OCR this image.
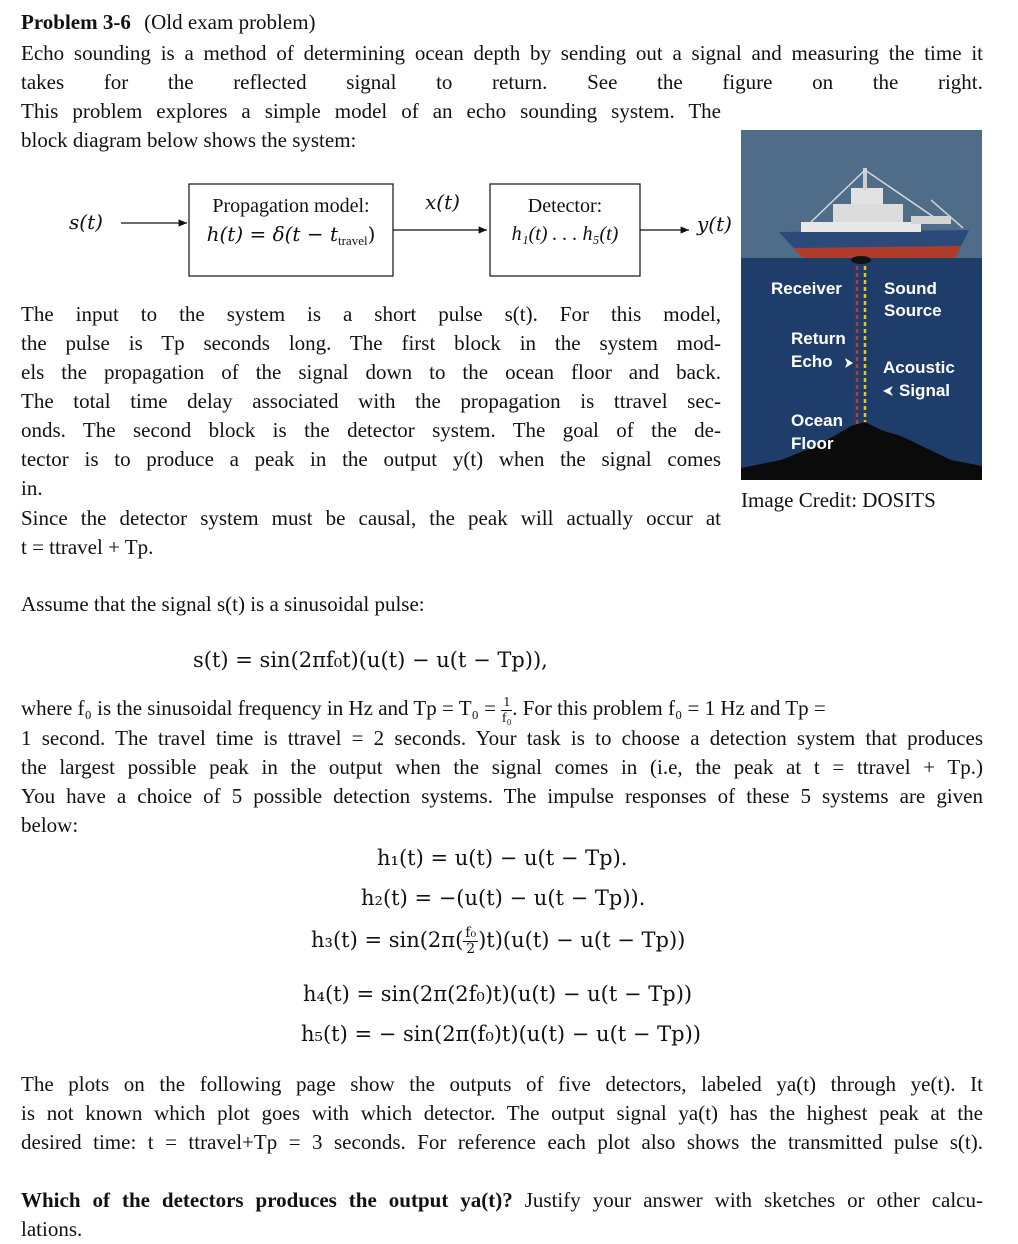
Problem 3-6 (Old exam problem)
Echo sounding is a method of determining ocean depth by sending out a signal and measuring the time it
takes for the reflected signal to return. See the figure on the right.
This problem explores a simple model of an echo sounding system. The
block diagram below shows the system:
s(t)
Propagation model:
$h(t) = \delta(t - t_{travel})$
x(t)	Detector:
h₁(t) . . . h₅(t)	y(t)
The input to the system is a short pulse s(t). For this model,
the pulse is Tp seconds long. The first block in the system mod-
els the propagation of the signal down to the ocean floor and back.
The total time delay associated with the propagation is ttravel sec-
onds. The second block is the detector system. The goal of the de-
tector is to produce a peak in the output y(t) when the signal comes
in.
Since the detector system must be causal, the peak will actually occur at
t = ttravel + Tp.
Receiver Sound
Source
Return
Echo	Acoustic
Signal
Ocean
Floor
Image Credit: DOSITS
Assume that the signal s(t) is a sinusoidal pulse:
s(t) = sin(2πf₀t)(u(t) − u(t − Tp)),
where f₀ is the sinusoidal frequency in Hz and $Tp = T_0 = \frac{1}{\text{f₀}}$ . For this problem f₀ = 1 Hz and Tp =
1 second. The travel time is ttravel = 2 seconds. Your task is to choose a detection system that produces
the largest possible peak in the output when the signal comes in (i.e, the peak at t = ttravel + Tp.)
You have a choice of 5 possible detection systems. The impulse responses of these 5 systems are given
below:
h₁(t) = u(t) − u(t − Tp).
h₂(t) = −(u(t) − u(t − Tp)).
$h_3(t) = \sin(2\pi( \frac{\text{f₀}}{2} )t)(u(t) - u(t - Tp))$
h₄(t) = sin(2π(2f₀)t)(u(t) − u(t − Tp))
h₅(t) = − sin(2π(f₀)t)(u(t) − u(t − Tp))
The plots on the following page show the outputs of five detectors, labeled ya(t) through ye(t). It
is not known which plot goes with which detector. The output signal ya(t) has the highest peak at the
desired time: t = ttravel+Tp = 3 seconds. For reference each plot also shows the transmitted pulse s(t).
Which of the detectors produces the output ya(t)? Justify your answer with sketches or other calcu-
lations.
